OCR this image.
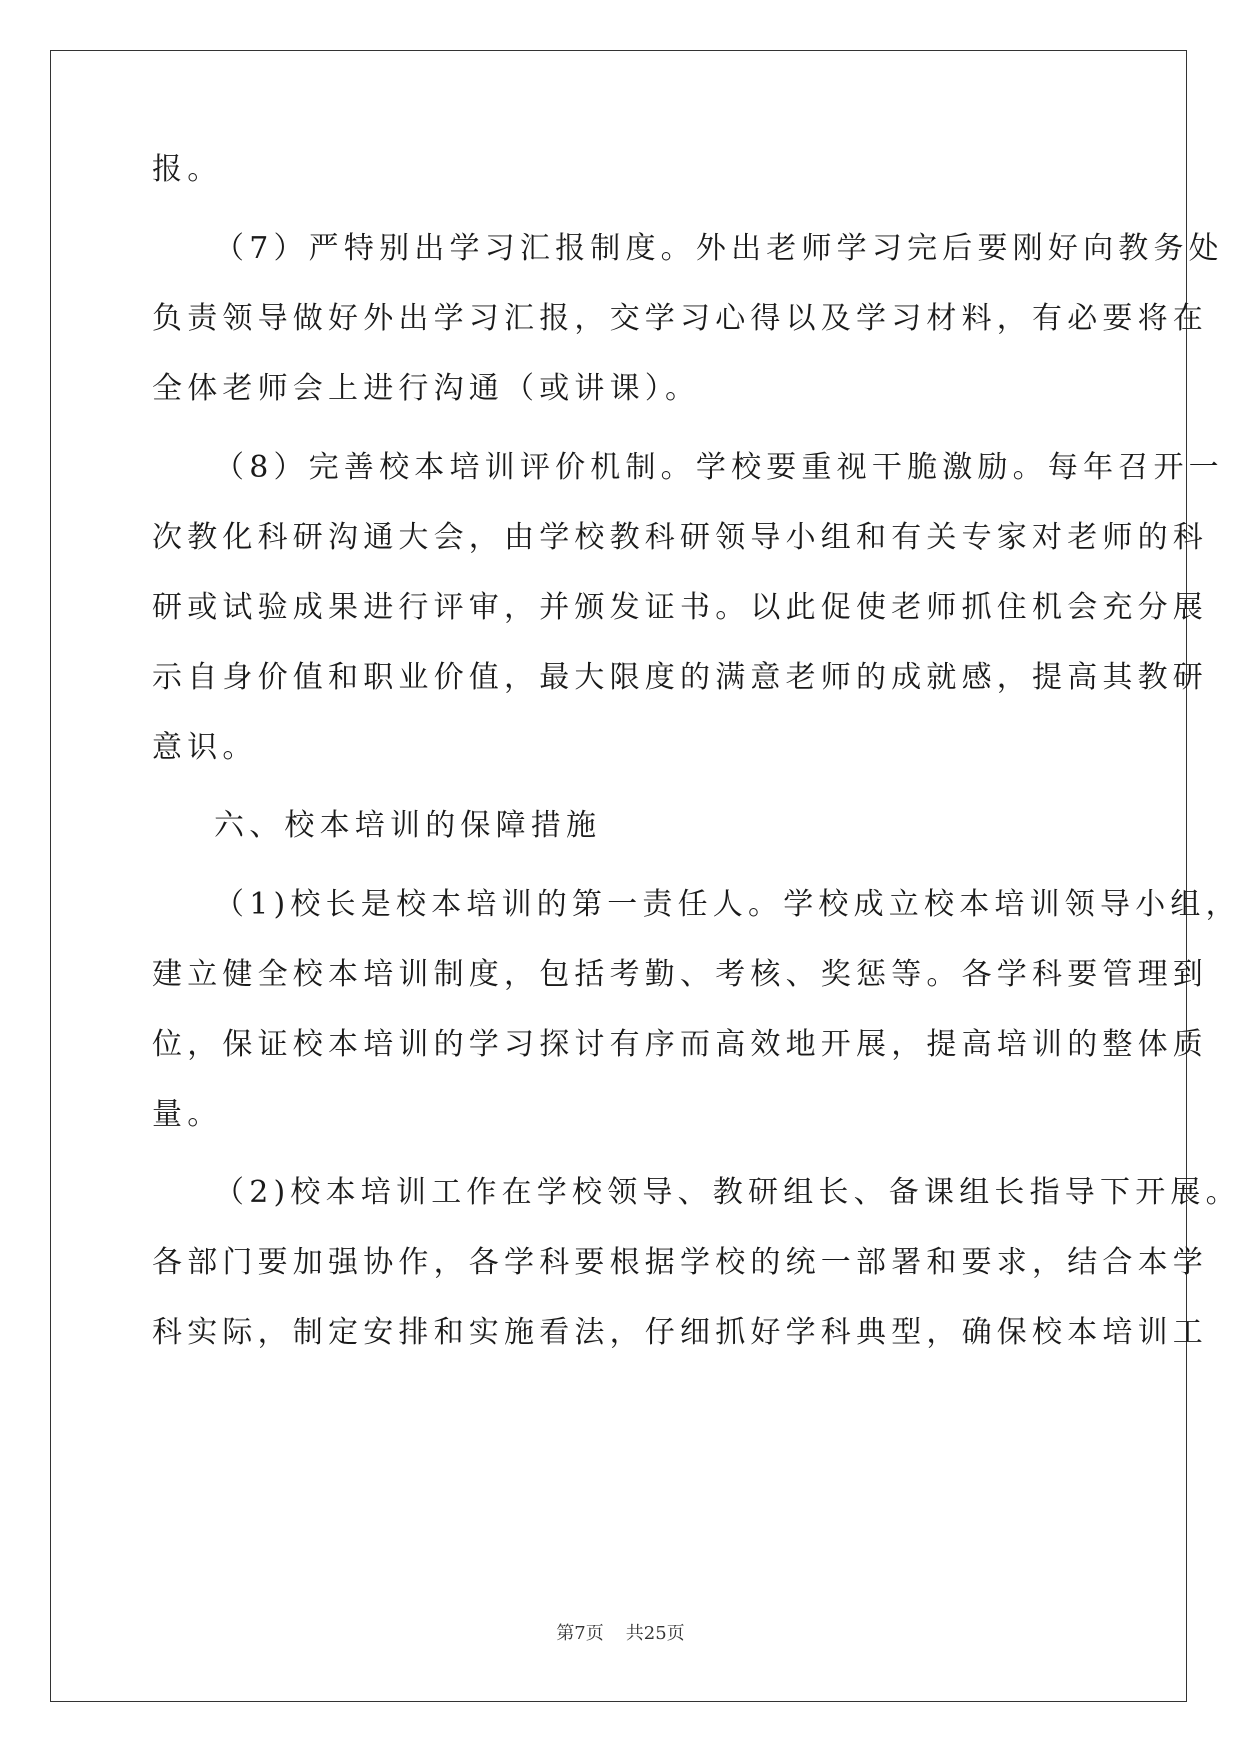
报。
（7）严特别出学习汇报制度。外出老师学习完后要刚好向教务处
负责领导做好外出学习汇报，交学习心得以及学习材料，有必要将在
全体老师会上进行沟通（或讲课）。
（8）完善校本培训评价机制。学校要重视干脆激励。每年召开一
次教化科研沟通大会，由学校教科研领导小组和有关专家对老师的科
研或试验成果进行评审，并颁发证书。以此促使老师抓住机会充分展
示自身价值和职业价值，最大限度的满意老师的成就感，提高其教研
意识。
六、校本培训的保障措施
（1)校长是校本培训的第一责任人。学校成立校本培训领导小组，
建立健全校本培训制度，包括考勤、考核、奖惩等。各学科要管理到
位，保证校本培训的学习探讨有序而高效地开展，提高培训的整体质
量。
（2)校本培训工作在学校领导、教研组长、备课组长指导下开展。
各部门要加强协作，各学科要根据学校的统一部署和要求，结合本学
科实际，制定安排和实施看法，仔细抓好学科典型，确保校本培训工
第7页 共25页
